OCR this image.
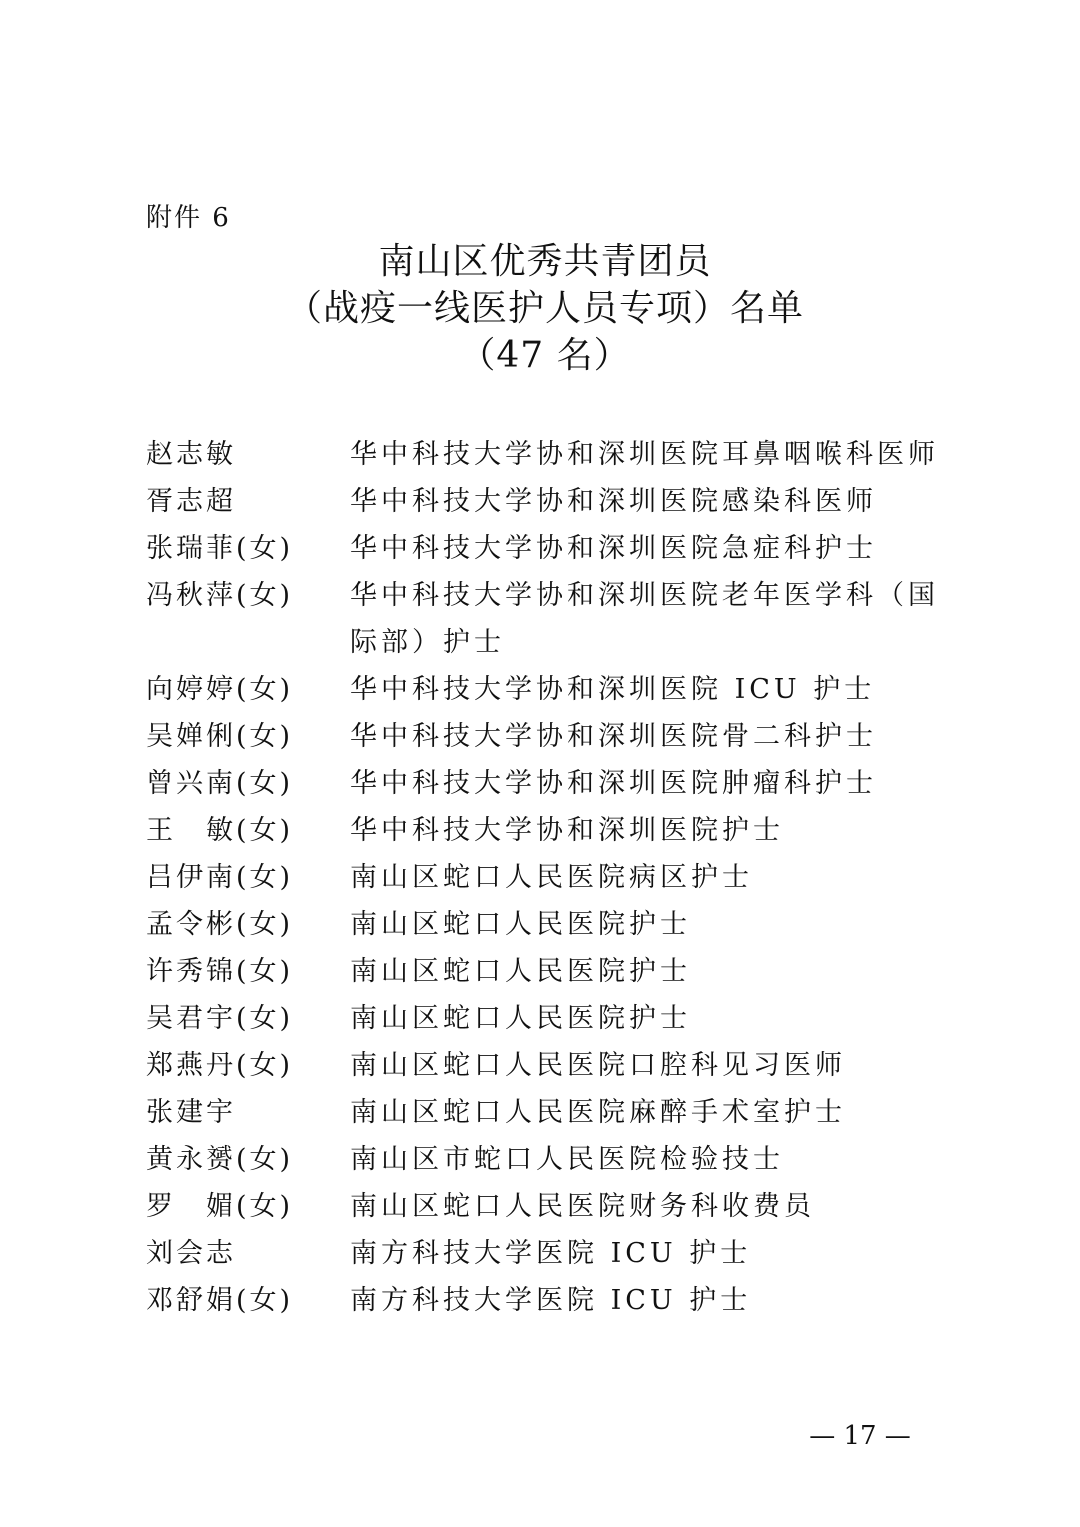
附件 6
南山区优秀共青团员
（战疫一线医护人员专项）名单
（47 名）
赵志敏	华中科技大学协和深圳医院耳鼻咽喉科医师
胥志超	华中科技大学协和深圳医院感染科医师
张瑞菲(女)	华中科技大学协和深圳医院急症科护士
冯秋萍(女)	华中科技大学协和深圳医院老年医学科（国际部）护士
向婷婷(女)	华中科技大学协和深圳医院 ICU 护士
吴婵俐(女)	华中科技大学协和深圳医院骨二科护士
曾兴南(女)	华中科技大学协和深圳医院肿瘤科护士
王　敏(女)	华中科技大学协和深圳医院护士
吕伊南(女)	南山区蛇口人民医院病区护士
孟令彬(女)	南山区蛇口人民医院护士
许秀锦(女)	南山区蛇口人民医院护士
吴君宇(女)	南山区蛇口人民医院护士
郑燕丹(女)	南山区蛇口人民医院口腔科见习医师
张建宇	南山区蛇口人民医院麻醉手术室护士
黄永赟(女)	南山区市蛇口人民医院检验技士
罗　媚(女)	南山区蛇口人民医院财务科收费员
刘会志	南方科技大学医院 ICU 护士
邓舒娟(女)	南方科技大学医院 ICU 护士
— 17 —
